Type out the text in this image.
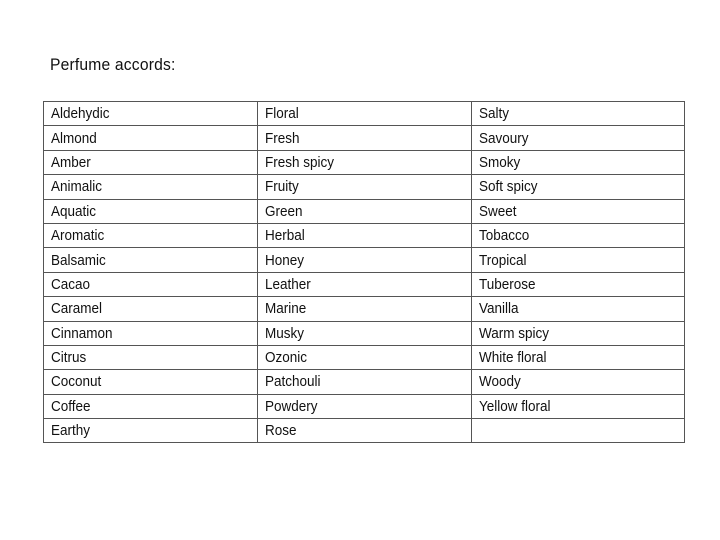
Perfume accords:
Aldehydic	Floral	Salty
Almond	Fresh	Savoury
Amber	Fresh spicy	Smoky
Animalic	Fruity	Soft spicy
Aquatic	Green	Sweet
Aromatic	Herbal	Tobacco
Balsamic	Honey	Tropical
Cacao	Leather	Tuberose
Caramel	Marine	Vanilla
Cinnamon	Musky	Warm spicy
Citrus	Ozonic	White floral
Coconut	Patchouli	Woody
Coffee	Powdery	Yellow floral
Earthy	Rose	
